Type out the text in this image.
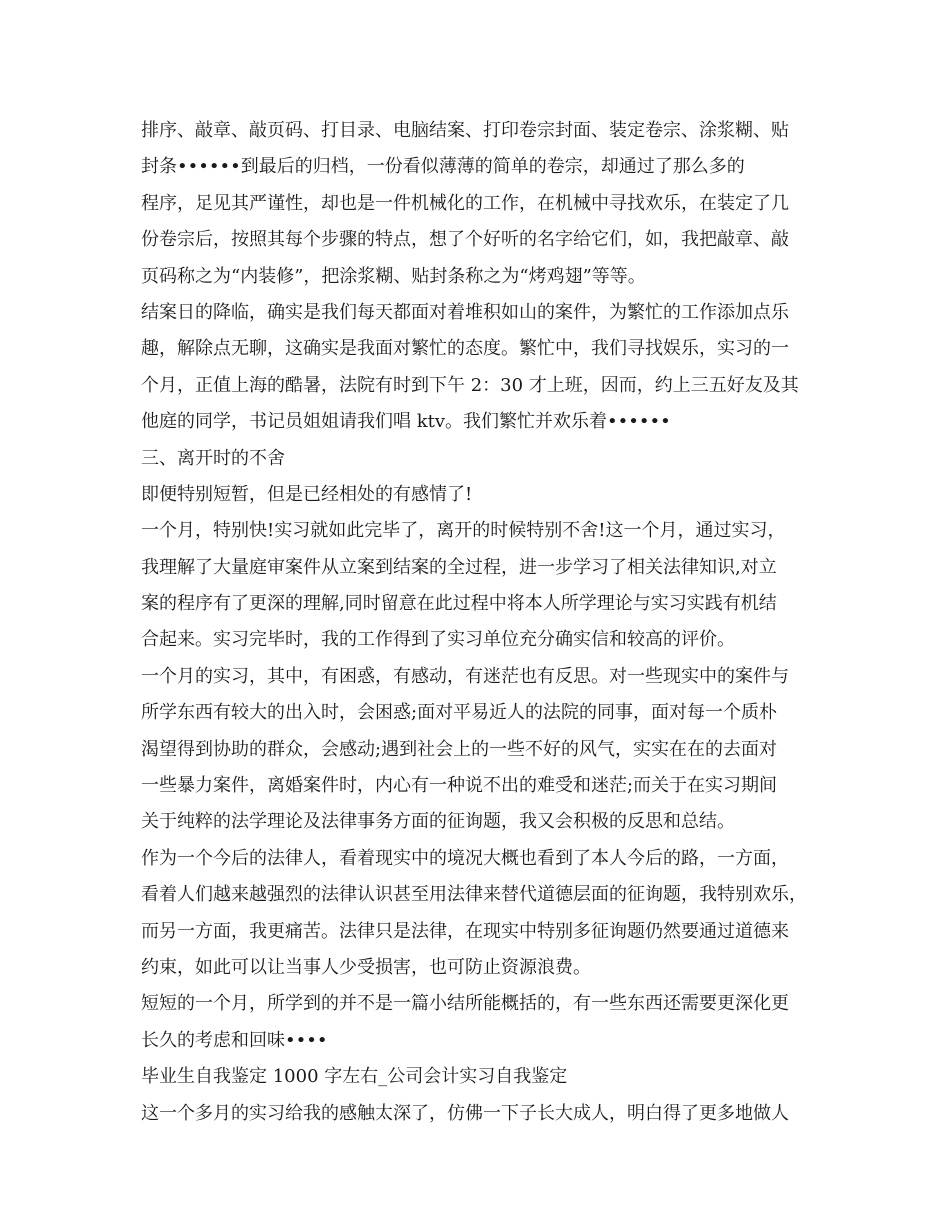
排序、敲章、敲页码、打目录、电脑结案、打印卷宗封面、装定卷宗、涂浆糊、贴
封条••••••到最后的归档，一份看似薄薄的简单的卷宗，却通过了那么多的
程序，足见其严谨性，却也是一件机械化的工作，在机械中寻找欢乐，在装定了几
份卷宗后，按照其每个步骤的特点，想了个好听的名字给它们，如，我把敲章、敲
页码称之为“内装修”，把涂浆糊、贴封条称之为“烤鸡翅”等等。
结案日的降临，确实是我们每天都面对着堆积如山的案件，为繁忙的工作添加点乐
趣，解除点无聊，这确实是我面对繁忙的态度。繁忙中，我们寻找娱乐，实习的一
个月，正值上海的酷暑，法院有时到下午 2：30 才上班，因而，约上三五好友及其
他庭的同学，书记员姐姐请我们唱 ktv。我们繁忙并欢乐着••••••
三、离开时的不舍
即便特别短暂，但是已经相处的有感情了!
一个月，特别快!实习就如此完毕了，离开的时候特别不舍!这一个月，通过实习，
我理解了大量庭审案件从立案到结案的全过程，进一步学习了相关法律知识,对立
案的程序有了更深的理解,同时留意在此过程中将本人所学理论与实习实践有机结
合起来。实习完毕时，我的工作得到了实习单位充分确实信和较高的评价。
一个月的实习，其中，有困惑，有感动，有迷茫也有反思。对一些现实中的案件与
所学东西有较大的出入时，会困惑;面对平易近人的法院的同事，面对每一个质朴
渴望得到协助的群众，会感动;遇到社会上的一些不好的风气，实实在在的去面对
一些暴力案件，离婚案件时，内心有一种说不出的难受和迷茫;而关于在实习期间
关于纯粹的法学理论及法律事务方面的征询题，我又会积极的反思和总结。
作为一个今后的法律人，看着现实中的境况大概也看到了本人今后的路，一方面，
看着人们越来越强烈的法律认识甚至用法律来替代道德层面的征询题，我特别欢乐，
而另一方面，我更痛苦。法律只是法律，在现实中特别多征询题仍然要通过道德来
约束，如此可以让当事人少受损害，也可防止资源浪费。
短短的一个月，所学到的并不是一篇小结所能概括的，有一些东西还需要更深化更
长久的考虑和回味••••
毕业生自我鉴定 1000 字左右_公司会计实习自我鉴定
这一个多月的实习给我的感触太深了，仿佛一下子长大成人，明白得了更多地做人
